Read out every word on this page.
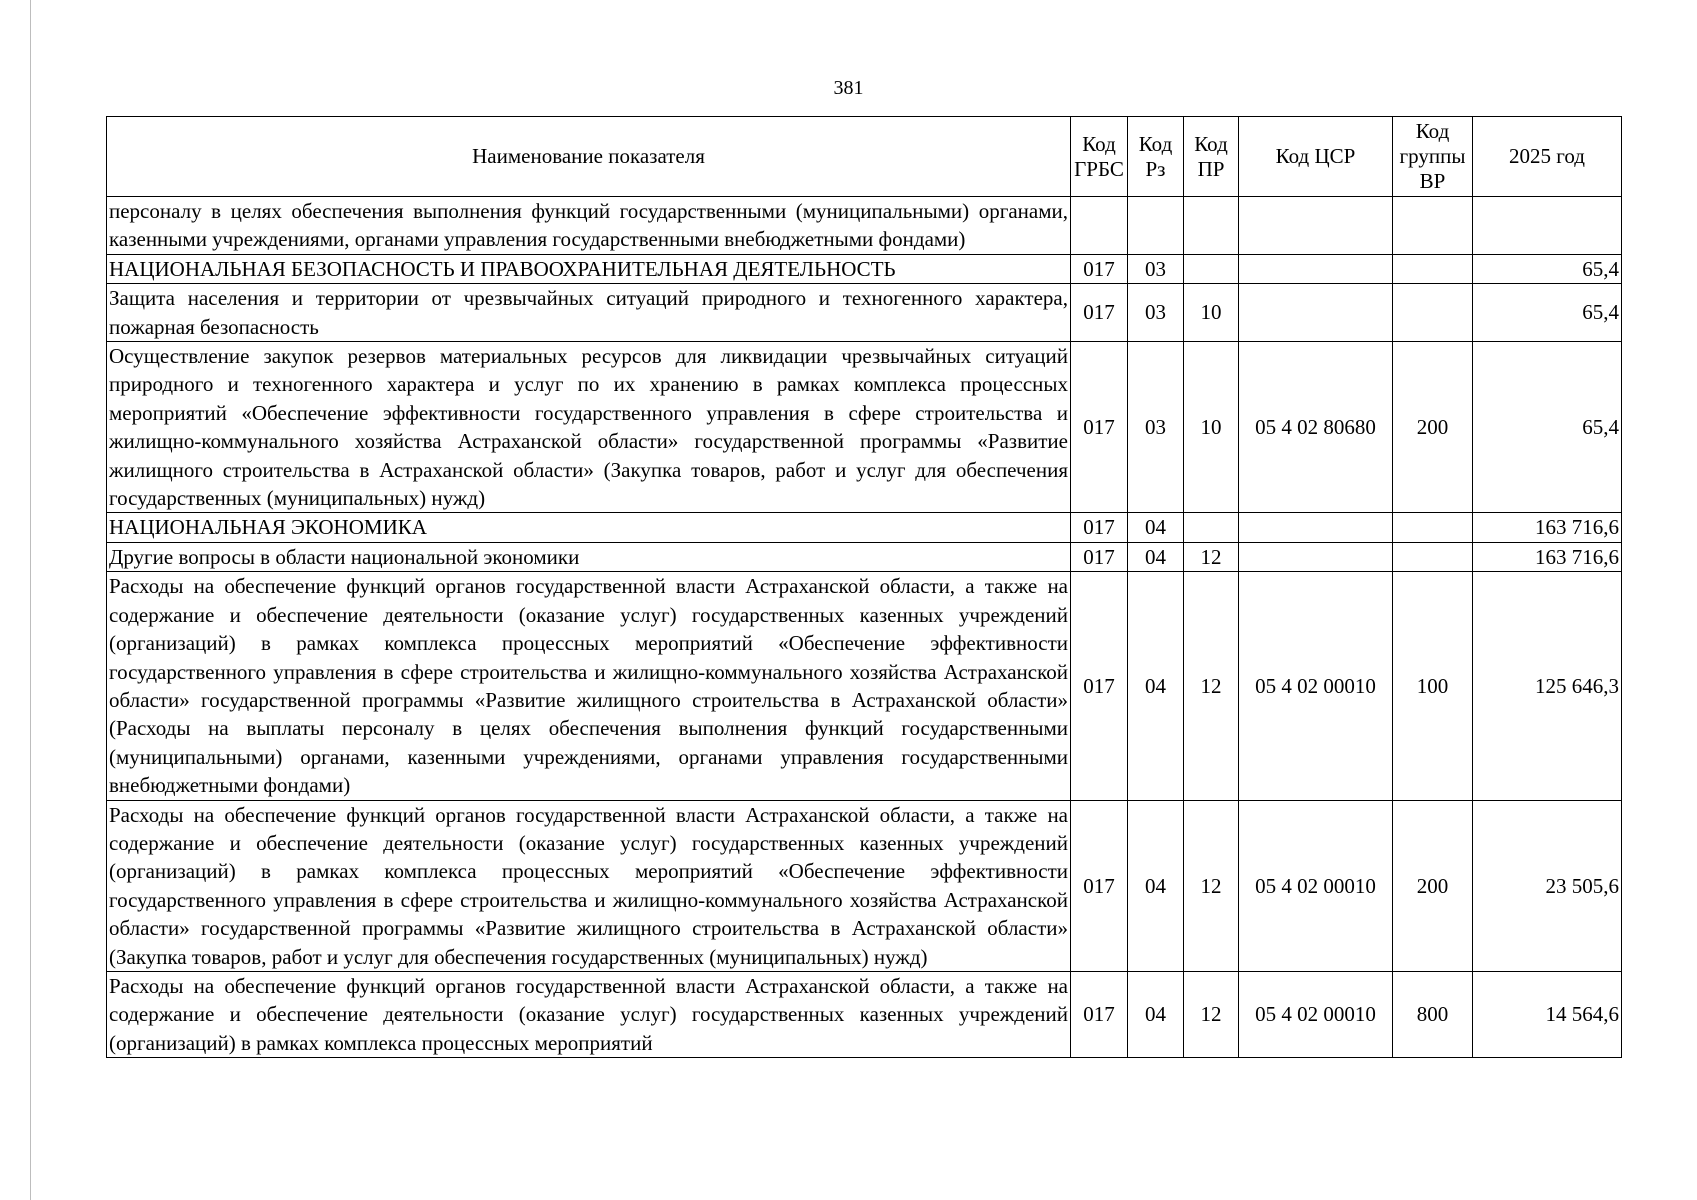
381
Наименование показателя	Код ГРБС	Код Рз	Код ПР	Код ЦСР	Код группы ВР	2025 год
персоналу в целях обеспечения выполнения функций государственными (муниципальными) органами, казенными учреждениями, органами управления государственными внебюджетными фондами)						
НАЦИОНАЛЬНАЯ БЕЗОПАСНОСТЬ И ПРАВООХРАНИТЕЛЬНАЯ ДЕЯТЕЛЬНОСТЬ	017	03				65,4
Защита населения и территории от чрезвычайных ситуаций природного и техногенного характера, пожарная безопасность	017	03	10			65,4
Осуществление закупок резервов материальных ресурсов для ликвидации чрезвычайных ситуаций природного и техногенного характера и услуг по их хранению в рамках комплекса процессных мероприятий «Обеспечение эффективности государственного управления в сфере строительства и жилищно-коммунального хозяйства Астраханской области» государственной программы «Развитие жилищного строительства в Астраханской области» (Закупка товаров, работ и услуг для обеспечения государственных (муниципальных) нужд)	017	03	10	05 4 02 80680	200	65,4
НАЦИОНАЛЬНАЯ ЭКОНОМИКА	017	04				163 716,6
Другие вопросы в области национальной экономики	017	04	12			163 716,6
Расходы на обеспечение функций органов государственной власти Астраханской области, а также на содержание и обеспечение деятельности (оказание услуг) государственных казенных учреждений (организаций) в рамках комплекса процессных мероприятий «Обеспечение эффективности государственного управления в сфере строительства и жилищно-коммунального хозяйства Астраханской области» государственной программы «Развитие жилищного строительства в Астраханской области» (Расходы на выплаты персоналу в целях обеспечения выполнения функций государственными (муниципальными) органами, казенными учреждениями, органами управления государственными внебюджетными фондами)	017	04	12	05 4 02 00010	100	125 646,3
Расходы на обеспечение функций органов государственной власти Астраханской области, а также на содержание и обеспечение деятельности (оказание услуг) государственных казенных учреждений (организаций) в рамках комплекса процессных мероприятий «Обеспечение эффективности государственного управления в сфере строительства и жилищно-коммунального хозяйства Астраханской области» государственной программы «Развитие жилищного строительства в Астраханской области» (Закупка товаров, работ и услуг для обеспечения государственных (муниципальных) нужд)	017	04	12	05 4 02 00010	200	23 505,6
Расходы на обеспечение функций органов государственной власти Астраханской области, а также на содержание и обеспечение деятельности (оказание услуг) государственных казенных учреждений (организаций) в рамках комплекса процессных мероприятий	017	04	12	05 4 02 00010	800	14 564,6
